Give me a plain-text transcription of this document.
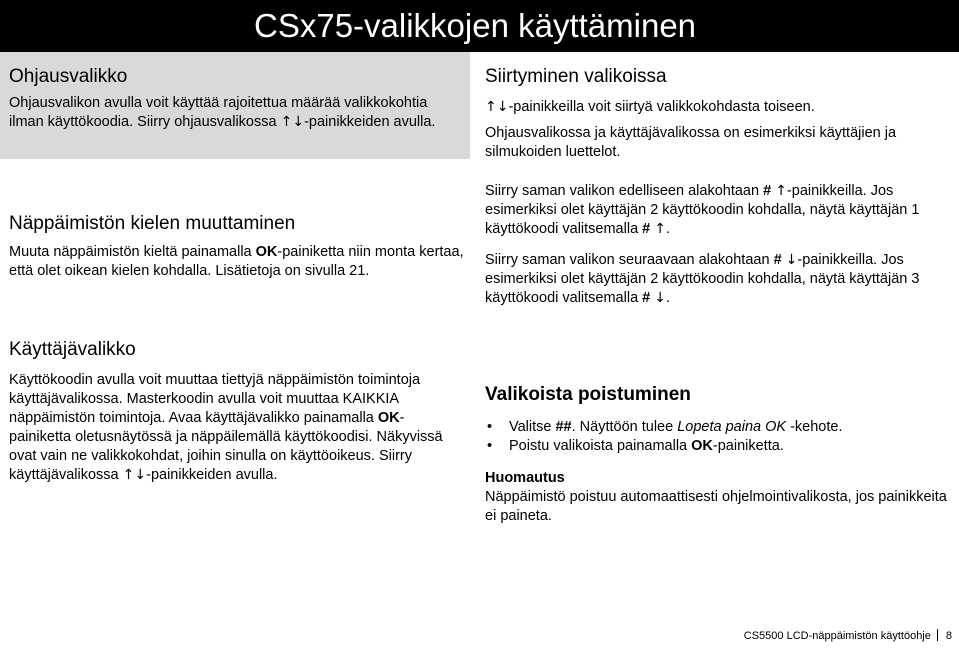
CSx75-valikkojen käyttäminen
Ohjausvalikko

Ohjausvalikon avulla voit käyttää rajoitettua määrää valikkokohtia ilman käyttökoodia. Siirry ohjausvalikossa ↑↓-painikkeiden avulla.

Näppäimistön kielen muuttaminen

Muuta näppäimistön kieltä painamalla OK-painiketta niin monta kertaa, että olet oikean kielen kohdalla. Lisätietoja on sivulla 21.

Käyttäjävalikko

Käyttökoodin avulla voit muuttaa tiettyjä näppäimistön toimintoja käyttäjävalikossa. Masterkoodin avulla voit muuttaa KAIKKIA näppäimistön toimintoja. Avaa käyttäjävalikko painamalla OK-painiketta oletusnäytössä ja näppäilemällä käyttökoodisi. Näkyvissä ovat vain ne valikkokohdat, joihin sinulla on käyttöoikeus. Siirry käyttäjävalikossa ↑↓-painikkeiden avulla.

Siirtyminen valikoissa

↑↓-painikkeilla voit siirtyä valikkokohdasta toiseen.

Ohjausvalikossa ja käyttäjävalikossa on esimerkiksi käyttäjien ja silmukoiden luettelot.

Siirry saman valikon edelliseen alakohtaan # ↑-painikkeilla. Jos esimerkiksi olet käyttäjän 2 käyttökoodin kohdalla, näytä käyttäjän 1 käyttökoodi valitsemalla # ↑.

Siirry saman valikon seuraavaan alakohtaan # ↓-painikkeilla. Jos esimerkiksi olet käyttäjän 2 käyttökoodin kohdalla, näytä käyttäjän 3 käyttökoodi valitsemalla # ↓.

Valikoista poistuminen
• Valitse ##. Näyttöön tulee Lopeta paina OK -kehote.
• Poistu valikoista painamalla OK-painiketta.
Huomautus

Näppäimistö poistuu automaattisesti ohjelmointivalikosta, jos painikkeita ei paineta.

CS5500 LCD-näppäimistön käyttöohje 8
